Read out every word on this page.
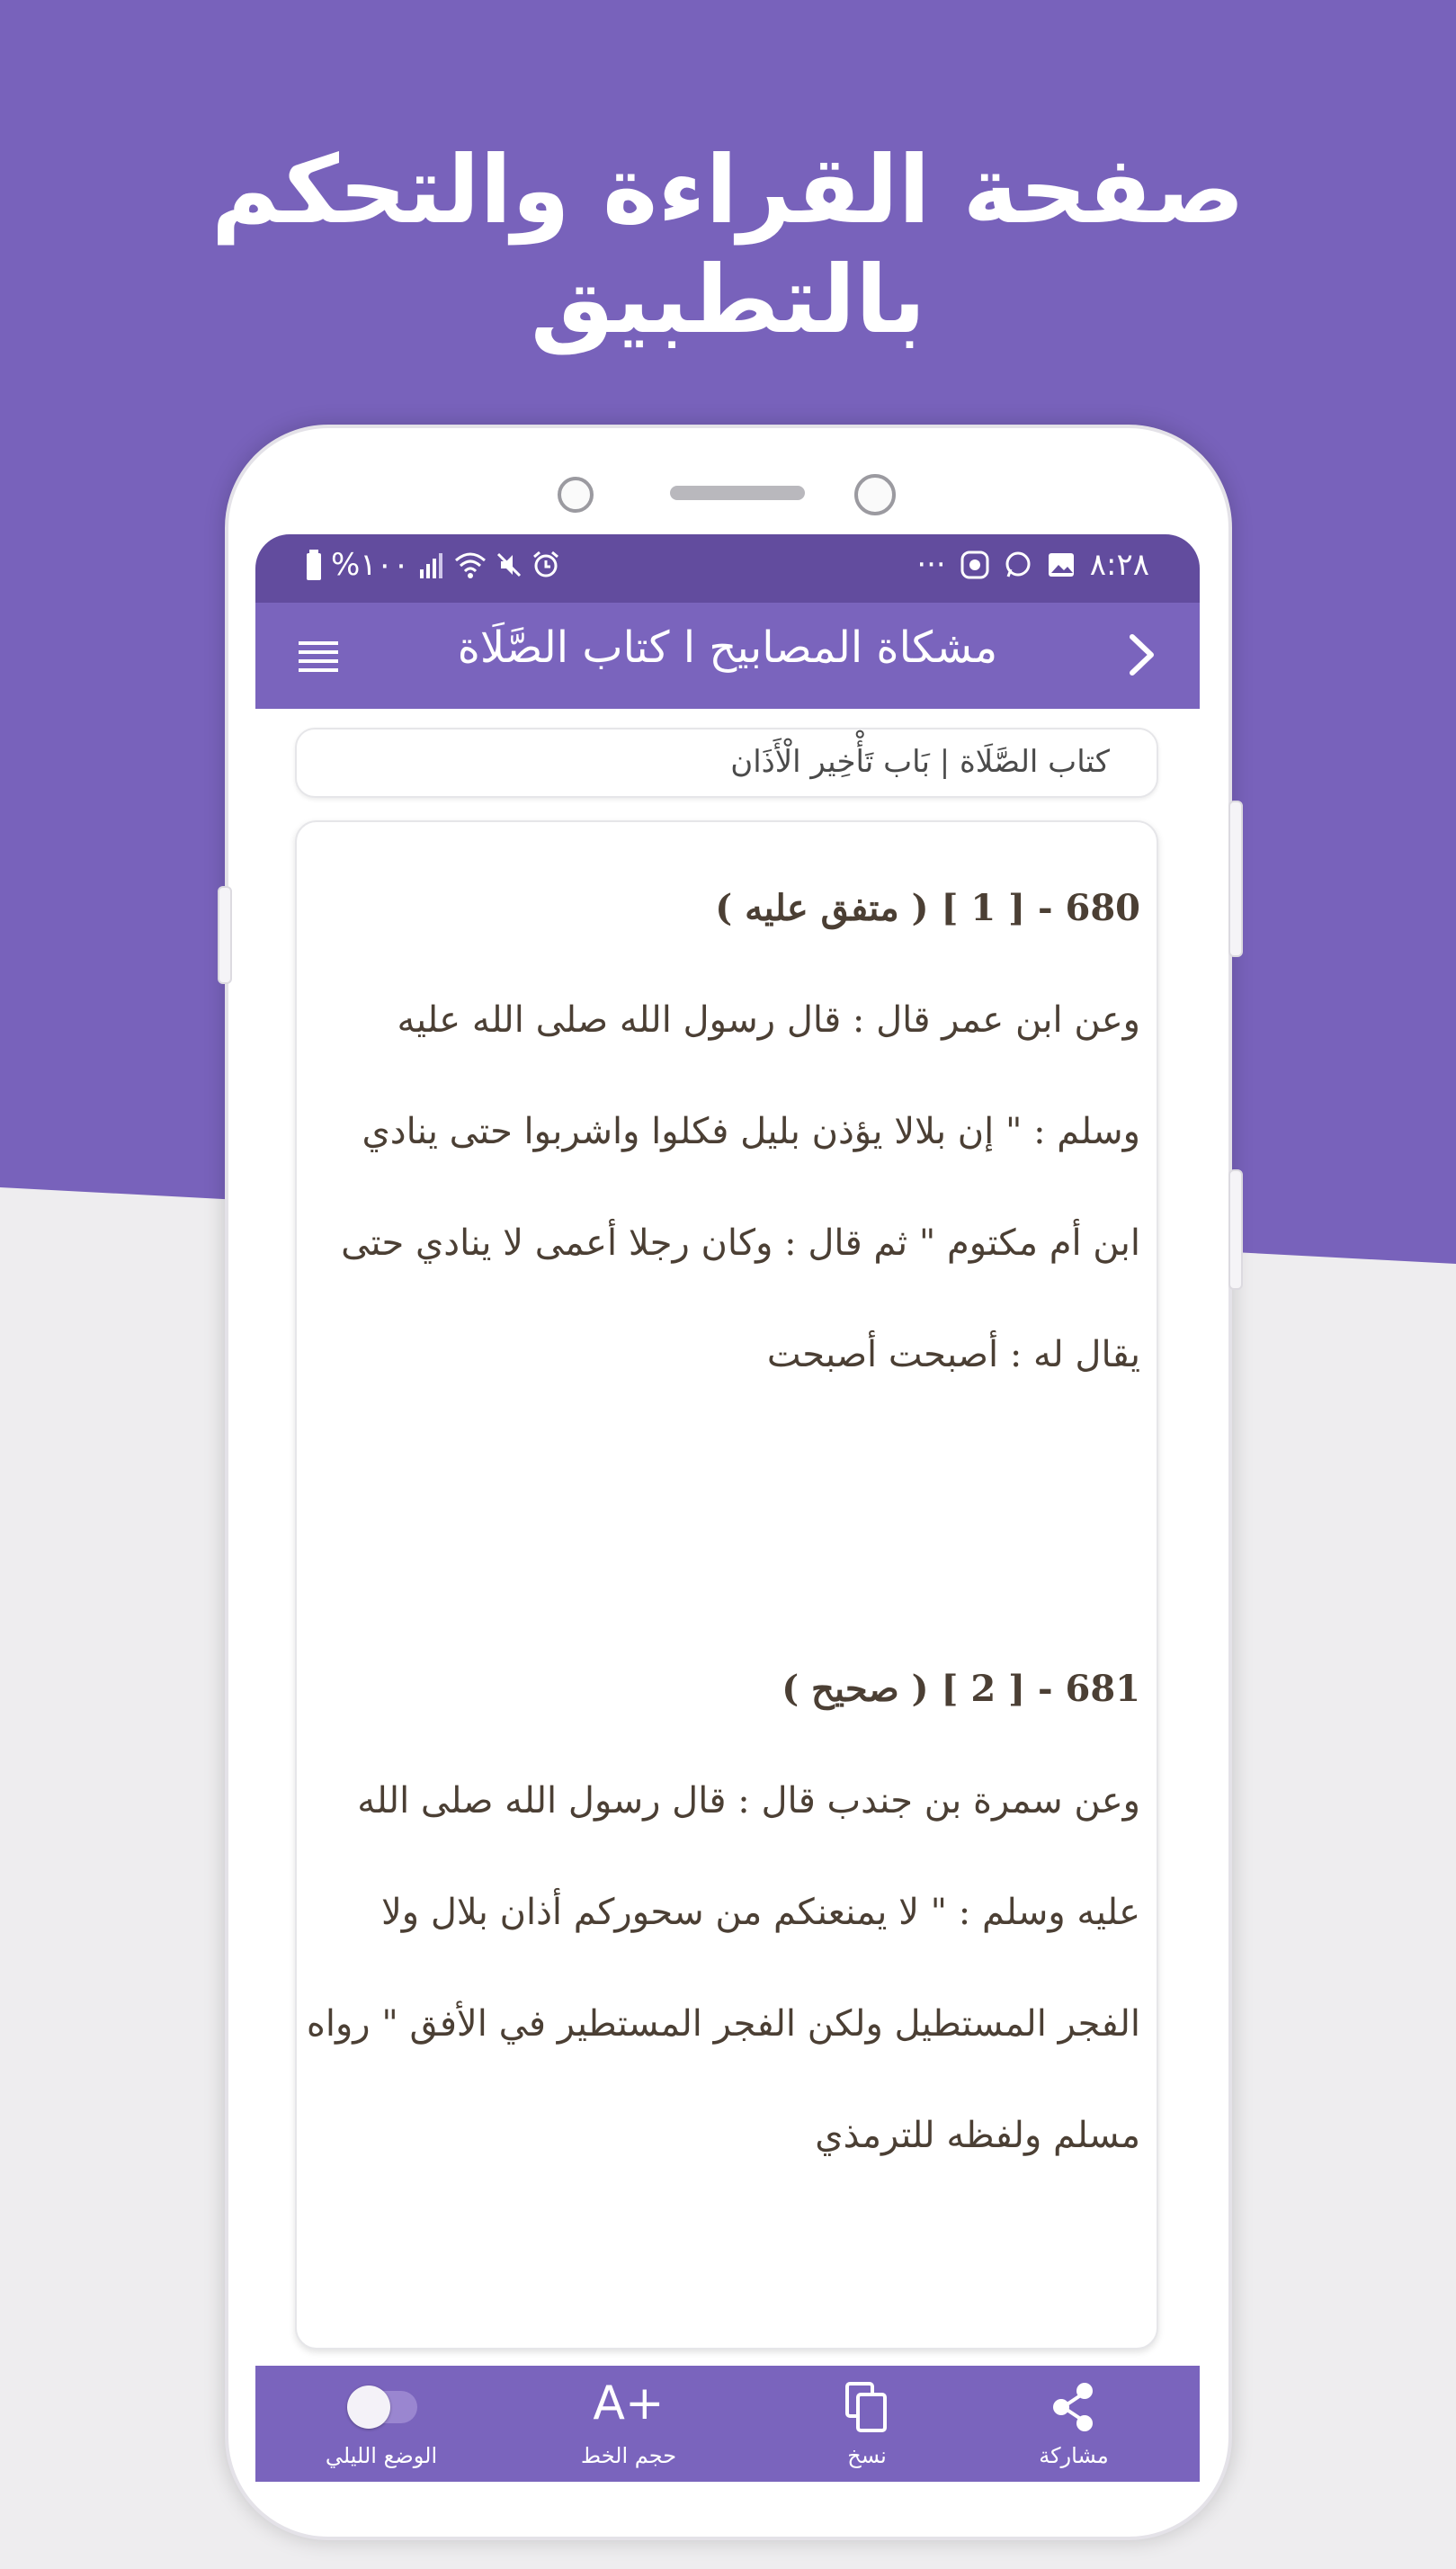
صفحة القراءة والتحكم بالتطبيق
%١٠٠	···	٨:٢٨
مشكاة المصابيح ا كتاب الصَّلَاة
كتاب الصَّلَاة | بَاب تَأْخِير الْأَذَان
680 - [ 1 ] ( متفق عليه )
وعن ابن عمر قال : قال رسول الله صلى الله عليه وسلم : " إن بلالا يؤذن بليل فكلوا واشربوا حتى ينادي ابن أم مكتوم " ثم قال : وكان رجلا أعمى لا ينادي حتى يقال له : أصبحت أصبحت
681 - [ 2 ] ( صحيح )
وعن سمرة بن جندب قال : قال رسول الله صلى الله عليه وسلم : " لا يمنعنكم من سحوركم أذان بلال ولا الفجر المستطيل ولكن الفجر المستطير في الأفق " رواه مسلم ولفظه للترمذي
الوضع الليلي
A+
حجم الخط	نسخ	مشاركة
